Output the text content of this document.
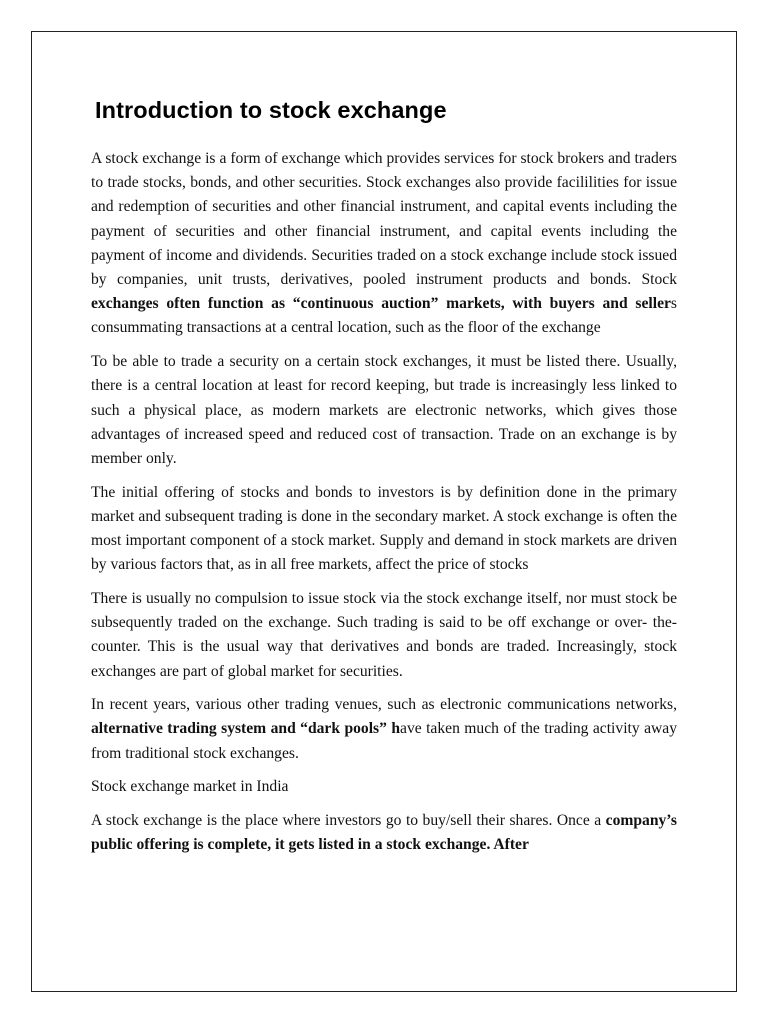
Introduction to stock exchange

A stock exchange is a form of exchange which provides services for stock brokers and traders to trade stocks, bonds, and other securities. Stock exchanges also provide facililities for issue and redemption of securities and other financial instrument, and capital events including the payment of securities and other financial instrument, and capital events including the payment of income and dividends. Securities traded on a stock exchange include stock issued by companies, unit trusts, derivatives, pooled instrument products and bonds. Stock exchanges often function as “continuous auction” markets, with buyers and sellers consummating transactions at a central location, such as the floor of the exchange

To be able to trade a security on a certain stock exchanges, it must be listed there. Usually, there is a central location at least for record keeping, but trade is increasingly less linked to such a physical place, as modern markets are electronic networks, which gives those advantages of increased speed and reduced cost of transaction. Trade on an exchange is by member only.

The initial offering of stocks and bonds to investors is by definition done in the primary market and subsequent trading is done in the secondary market. A stock exchange is often the most important component of a stock market. Supply and demand in stock markets are driven by various factors that, as in all free markets, affect the price of stocks

There is usually no compulsion to issue stock via the stock exchange itself, nor must stock be subsequently traded on the exchange. Such trading is said to be off exchange or over- the- counter. This is the usual way that derivatives and bonds are traded. Increasingly, stock exchanges are part of global market for securities.

In recent years, various other trading venues, such as electronic communications networks, alternative trading system and “dark pools” have taken much of the trading activity away from traditional stock exchanges.

Stock exchange market in India

A stock exchange is the place where investors go to buy/sell their shares. Once a company’s public offering is complete, it gets listed in a stock exchange. After
